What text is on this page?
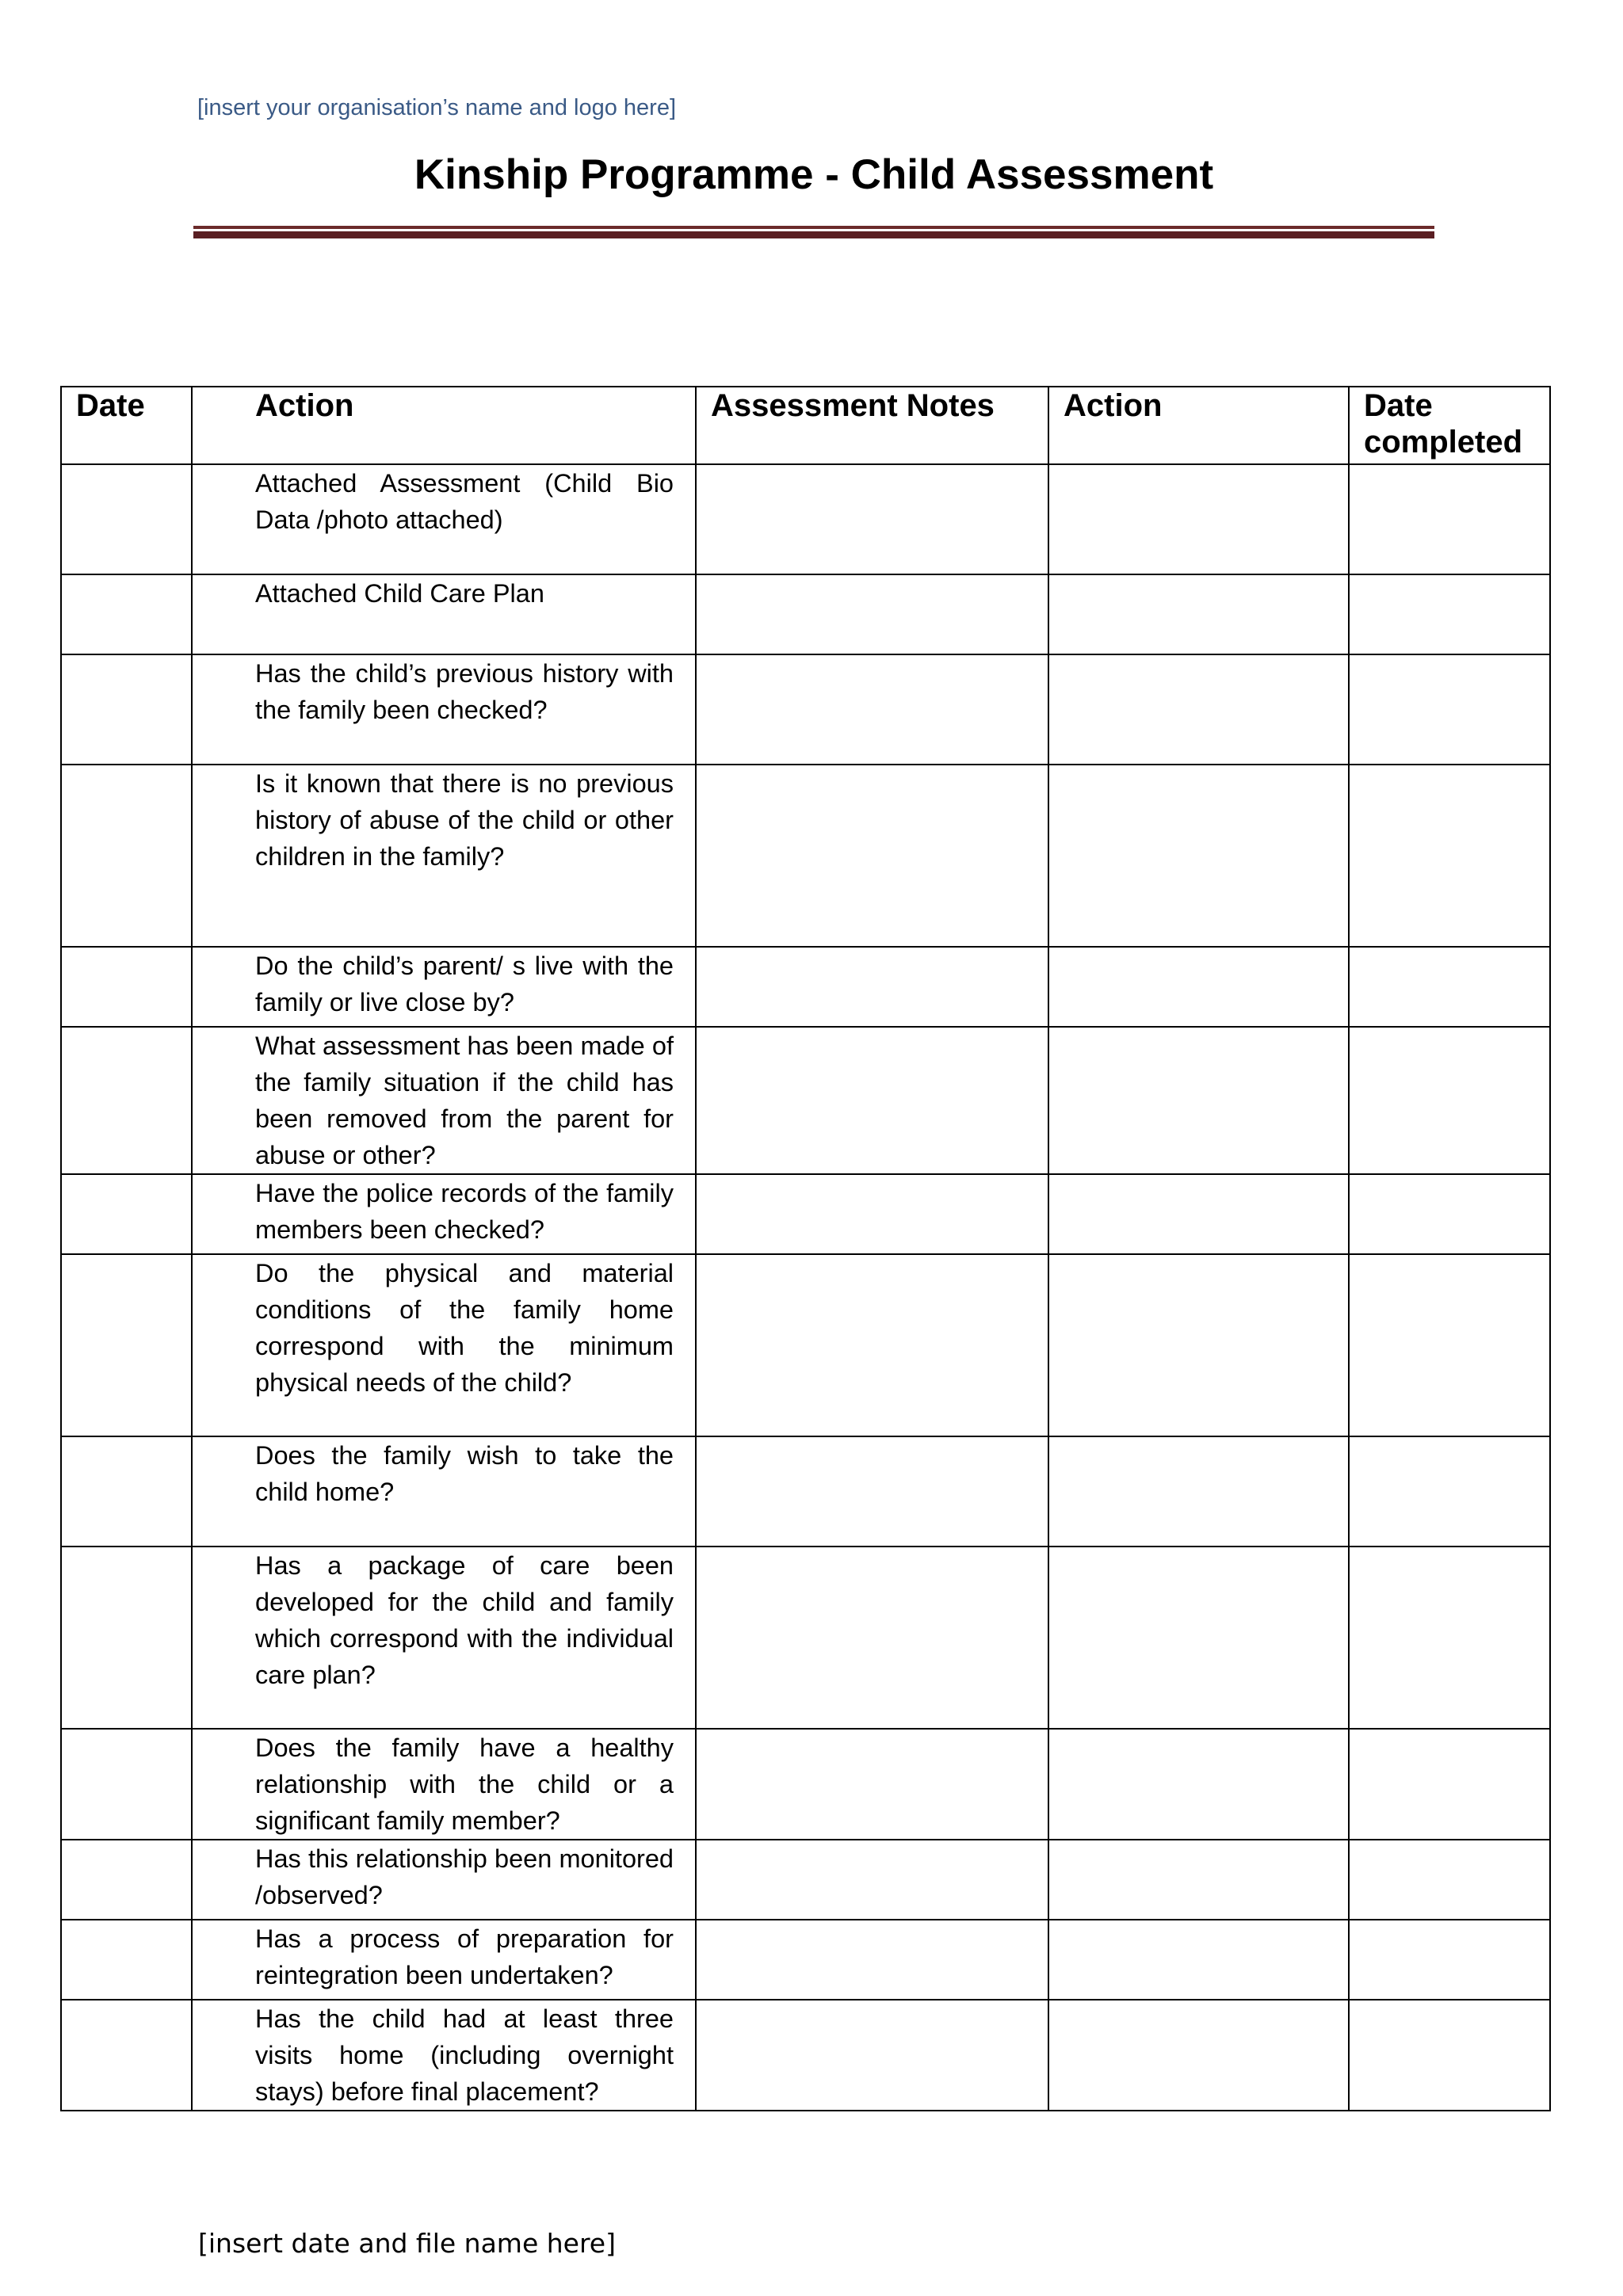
[insert your organisation’s name and logo here]
Kinship Programme - Child Assessment
Date	Action	Assessment Notes	Action	Date completed

	Attached Assessment (Child Bio Data /photo attached)			

	Attached Child Care Plan			

	Has the child’s previous history with the family been checked?			

	Is it known that there is no previous history of abuse of the child or other children in the family?			

	Do the child’s parent/ s live with the family or live close by?			

	What assessment has been made of the family situation if the child has been removed from the parent for abuse or other?			

	Have the police records of the family members been checked?			

	Do the physical and material conditions of the family home correspond with the minimum physical needs of the child?			

	Does the family wish to take the child home?			

	Has a package of care been developed for the child and family which correspond with the individual care plan?			

	Does the family have a healthy relationship with the child or a significant family member?			

	Has this relationship been monitored /observed?			

	Has a process of preparation for reintegration been undertaken?			

	Has the child had at least three visits home (including overnight stays) before final placement?			

[insert date and file name here]
